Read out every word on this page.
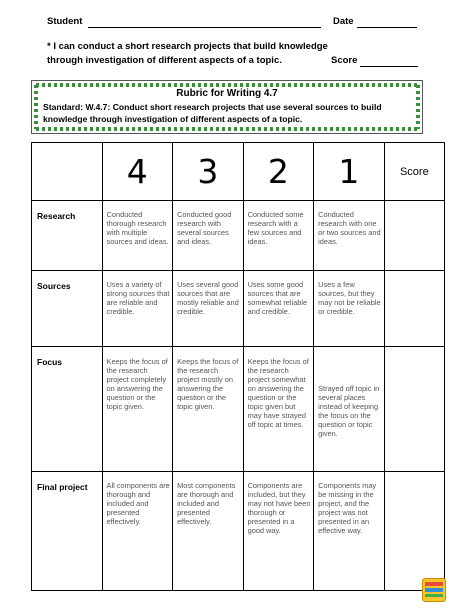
Student	Date
* I can conduct a short research projects that build knowledge
through investigation of different aspects of a topic.	Score
Rubric for Writing 4.7
Standard: W.4.7: Conduct short research projects that use several sources to build
knowledge through investigation of different aspects of a topic.
	4	3	2	1	Score
Research	Conducted thorough research with multiple sources and ideas.	Conducted good research with several sources and ideas.	Conducted some research with a few sources and ideas.	Conducted research with one or two sources and ideas.	
Sources	Uses a variety of strong sources that are reliable and credible.	Uses several good sources that are mostly reliable and credible.	Uses some good sources that are somewhat reliable and credible.	Uses a few sources, but they may not be reliable or credible.	
Focus	Keeps the focus of the research project completely on answering the question or the topic given.	Keeps the focus of the research project mostly on answering the question or the topic given.	Keeps the focus of the research project somewhat on answering the question or the topic given but may have strayed off topic at times.	Strayed off topic in several places instead of keeping the focus on the question or topic given.	
Final project	All components are thorough and included and presented effectively.	Most components are thorough and included and presented effectively.	Components are included, but they may not have been thorough or presented in a good way.	Components may be missing in the project, and the project was not presented in an effective way.	
